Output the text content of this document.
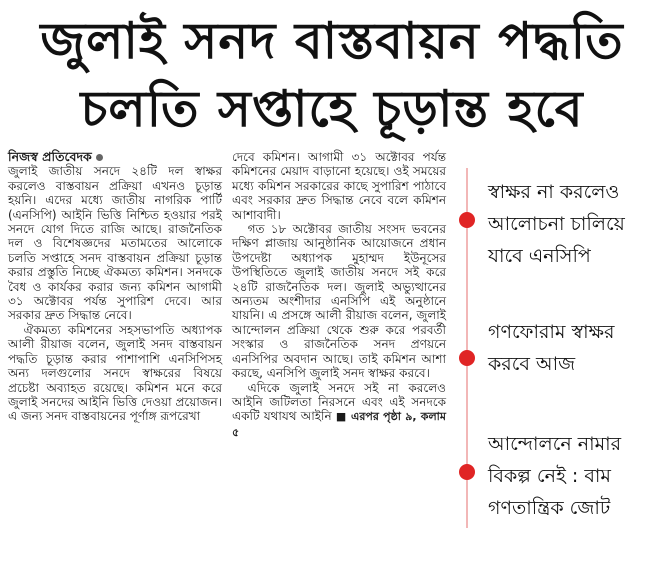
জুলাই সনদ বাস্তবায়ন পদ্ধতি
চলতি সপ্তাহে চূড়ান্ত হবে
নিজস্ব প্রতিবেদক

জুলাই জাতীয় সনদে ২৪টি দল স্বাক্ষর করলেও বাস্তবায়ন প্রক্রিয়া এখনও চূড়ান্ত হয়নি। এদের মধ্যে জাতীয় নাগরিক পার্টি (এনসিপি) আইনি ভিত্তি নিশ্চিত হওয়ার পরই সনদে যোগ দিতে রাজি আছে। রাজনৈতিক দল ও বিশেষজ্ঞদের মতামতের আলোকে চলতি সপ্তাহে সনদ বাস্তবায়ন প্রক্রিয়া চূড়ান্ত করার প্রস্তুতি নিচ্ছে ঐকমত্য কমিশন। সনদকে বৈধ ও কার্যকর করার জন্য কমিশন আগামী ৩১ অক্টোবর পর্যন্ত সুপারিশ দেবে। আর সরকার দ্রুত সিদ্ধান্ত নেবে।

ঐকমত্য কমিশনের সহসভাপতি অধ্যাপক আলী রীয়াজ বলেন, জুলাই সনদ বাস্তবায়ন পদ্ধতি চূড়ান্ত করার পাশাপাশি এনসিপিসহ অন্য দলগুলোর সনদে স্বাক্ষরের বিষয়ে প্রচেষ্টা অব্যাহত রয়েছে। কমিশন মনে করে জুলাই সনদের আইনি ভিত্তি দেওয়া প্রয়োজন। এ জন্য সনদ বাস্তবায়নের পূর্ণাঙ্গ রূপরেখা

দেবে কমিশন। আগামী ৩১ অক্টোবর পর্যন্ত কমিশনের মেয়াদ বাড়ানো হয়েছে। ওই সময়ের মধ্যে কমিশন সরকারের কাছে সুপারিশ পাঠাবে এবং সরকার দ্রুত সিদ্ধান্ত নেবে বলে কমিশন আশাবাদী।

গত ১৮ অক্টোবর জাতীয় সংসদ ভবনের দক্ষিণ প্লাজায় আনুষ্ঠানিক আয়োজনে প্রধান উপদেষ্টা অধ্যাপক মুহাম্মদ ইউনূসের উপস্থিতিতে জুলাই জাতীয় সনদে সই করে ২৪টি রাজনৈতিক দল। জুলাই অভ্যুত্থানের অন্যতম অংশীদার এনসিপি এই অনুষ্ঠানে যায়নি। এ প্রসঙ্গে আলী রীয়াজ বলেন, জুলাই আন্দোলন প্রক্রিয়া থেকে শুরু করে পরবর্তী সংস্কার ও রাজনৈতিক সনদ প্রণয়নে এনসিপির অবদান আছে। তাই কমিশন আশা করছে, এনসিপি জুলাই সনদ স্বাক্ষর করবে।

এদিকে জুলাই সনদে সই না করলেও আইনি জটিলতা নিরসনে এবং এই সনদকে একটি যথাযথ আইনি ■ এরপর পৃষ্ঠা ৯, কলাম ৫

স্বাক্ষর না করলেও আলোচনা চালিয়ে যাবে এনসিপি
গণফোরাম স্বাক্ষর করবে আজ
আন্দোলনে নামার বিকল্প নেই : বাম গণতান্ত্রিক জোট
